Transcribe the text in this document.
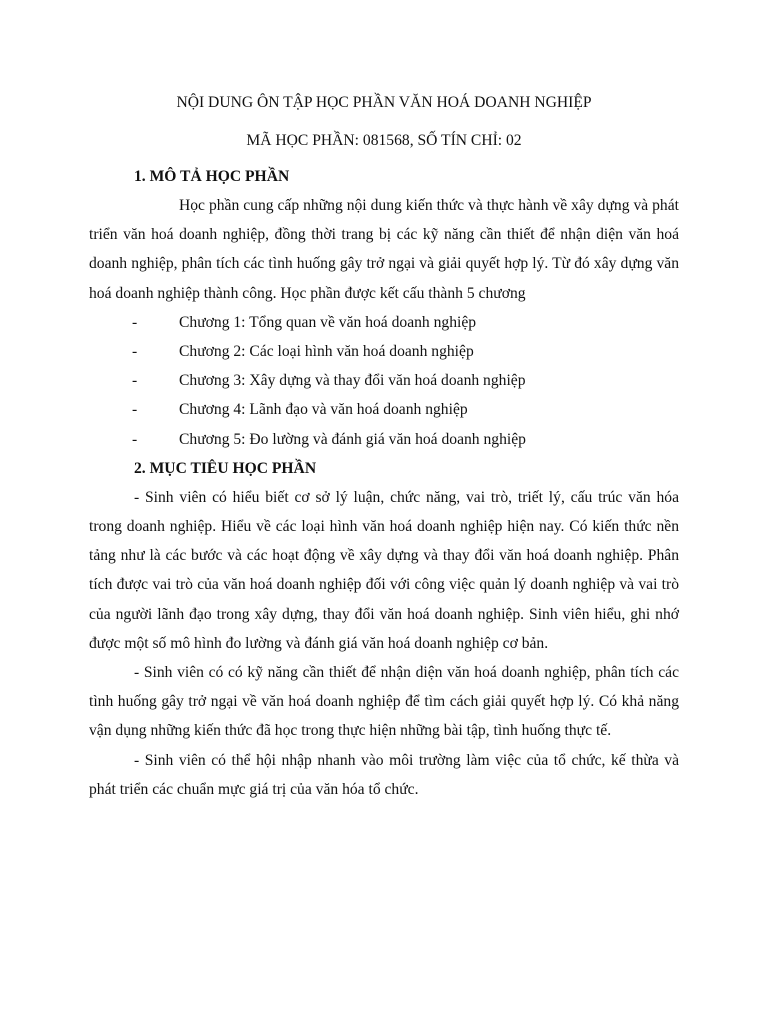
NỘI DUNG ÔN TẬP HỌC PHẦN VĂN HOÁ DOANH NGHIỆP

MÃ HỌC PHẦN: 081568, SỐ TÍN CHỈ: 02

1. MÔ TẢ HỌC PHẦN

Học phần cung cấp những nội dung kiến thức và thực hành về xây dựng và phát triển văn hoá doanh nghiệp, đồng thời trang bị các kỹ năng cần thiết để nhận diện văn hoá doanh nghiệp, phân tích các tình huống gây trở ngại và giải quyết hợp lý. Từ đó xây dựng văn hoá doanh nghiệp thành công. Học phần được kết cấu thành 5 chương

-	Chương 1: Tổng quan về văn hoá doanh nghiệp
-	Chương 2: Các loại hình văn hoá doanh nghiệp
-	Chương 3: Xây dựng và thay đổi văn hoá doanh nghiệp
-	Chương 4: Lãnh đạo và văn hoá doanh nghiệp
-	Chương 5: Đo lường và đánh giá văn hoá doanh nghiệp

2. MỤC TIÊU HỌC PHẦN

- Sinh viên có hiểu biết cơ sở lý luận, chức năng, vai trò, triết lý, cấu trúc văn hóa trong doanh nghiệp. Hiểu về các loại hình văn hoá doanh nghiệp hiện nay. Có kiến thức nền tảng như là các bước và các hoạt động về xây dựng và thay đổi văn hoá doanh nghiệp. Phân tích được vai trò của văn hoá doanh nghiệp đối với công việc quản lý doanh nghiệp và vai trò của người lãnh đạo trong xây dựng, thay đổi văn hoá doanh nghiệp. Sinh viên hiểu, ghi nhớ được một số mô hình đo lường và đánh giá văn hoá doanh nghiệp cơ bản.

- Sinh viên có có kỹ năng cần thiết để nhận diện văn hoá doanh nghiệp, phân tích các tình huống gây trở ngại về văn hoá doanh nghiệp để tìm cách giải quyết hợp lý. Có khả năng vận dụng những kiến thức đã học trong thực hiện những bài tập, tình huống thực tế.

- Sinh viên có thể hội nhập nhanh vào môi trường làm việc của tổ chức, kế thừa và phát triển các chuẩn mực giá trị của văn hóa tổ chức.
